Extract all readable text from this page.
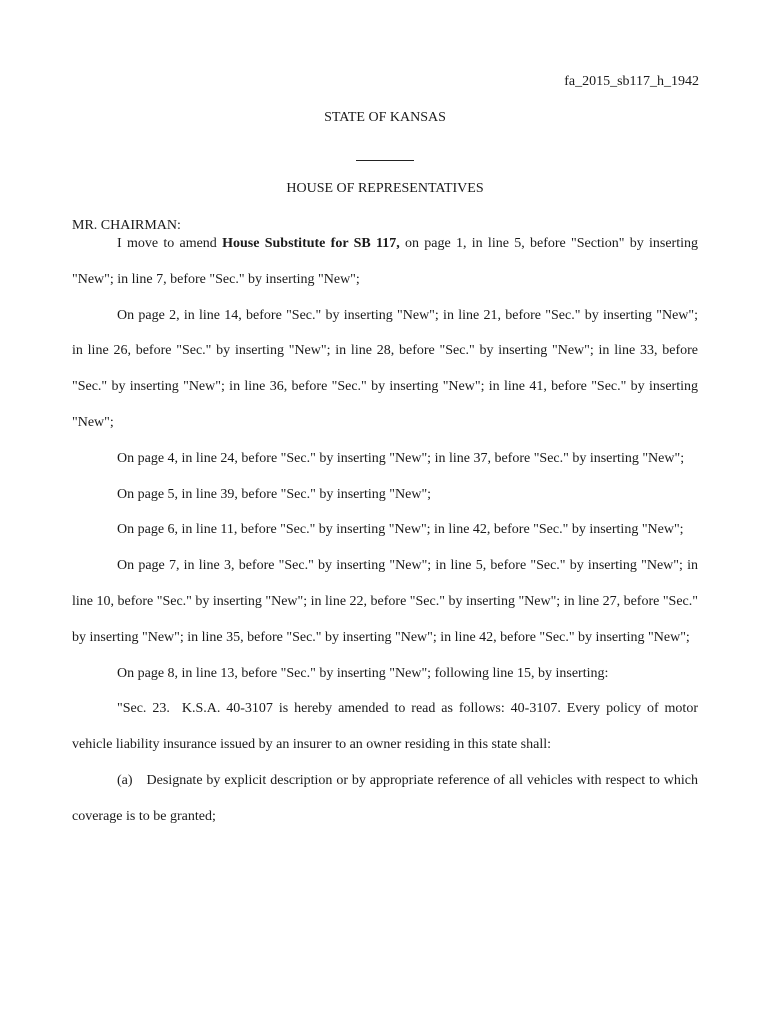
fa_2015_sb117_h_1942
STATE OF KANSAS
HOUSE OF REPRESENTATIVES
MR. CHAIRMAN:

I move to amend House Substitute for SB 117, on page 1, in line 5, before "Section" by inserting "New"; in line 7, before "Sec." by inserting "New";

On page 2, in line 14, before "Sec." by inserting "New"; in line 21, before "Sec." by inserting "New"; in line 26, before "Sec." by inserting "New"; in line 28, before "Sec." by inserting "New"; in line 33, before "Sec." by inserting "New"; in line 36, before "Sec." by inserting "New"; in line 41, before "Sec." by inserting "New";

On page 4, in line 24, before "Sec." by inserting "New"; in line 37, before "Sec." by inserting "New";

On page 5, in line 39, before "Sec." by inserting "New";

On page 6, in line 11, before "Sec." by inserting "New"; in line 42, before "Sec." by inserting "New";

On page 7, in line 3, before "Sec." by inserting "New"; in line 5, before "Sec." by inserting "New"; in line 10, before "Sec." by inserting "New"; in line 22, before "Sec." by inserting "New"; in line 27, before "Sec." by inserting "New"; in line 35, before "Sec." by inserting "New"; in line 42, before "Sec." by inserting "New";

On page 8, in line 13, before "Sec." by inserting "New"; following line 15, by inserting:

"Sec. 23. K.S.A. 40-3107 is hereby amended to read as follows: 40-3107. Every policy of motor vehicle liability insurance issued by an insurer to an owner residing in this state shall:

(a) Designate by explicit description or by appropriate reference of all vehicles with respect to which coverage is to be granted;
